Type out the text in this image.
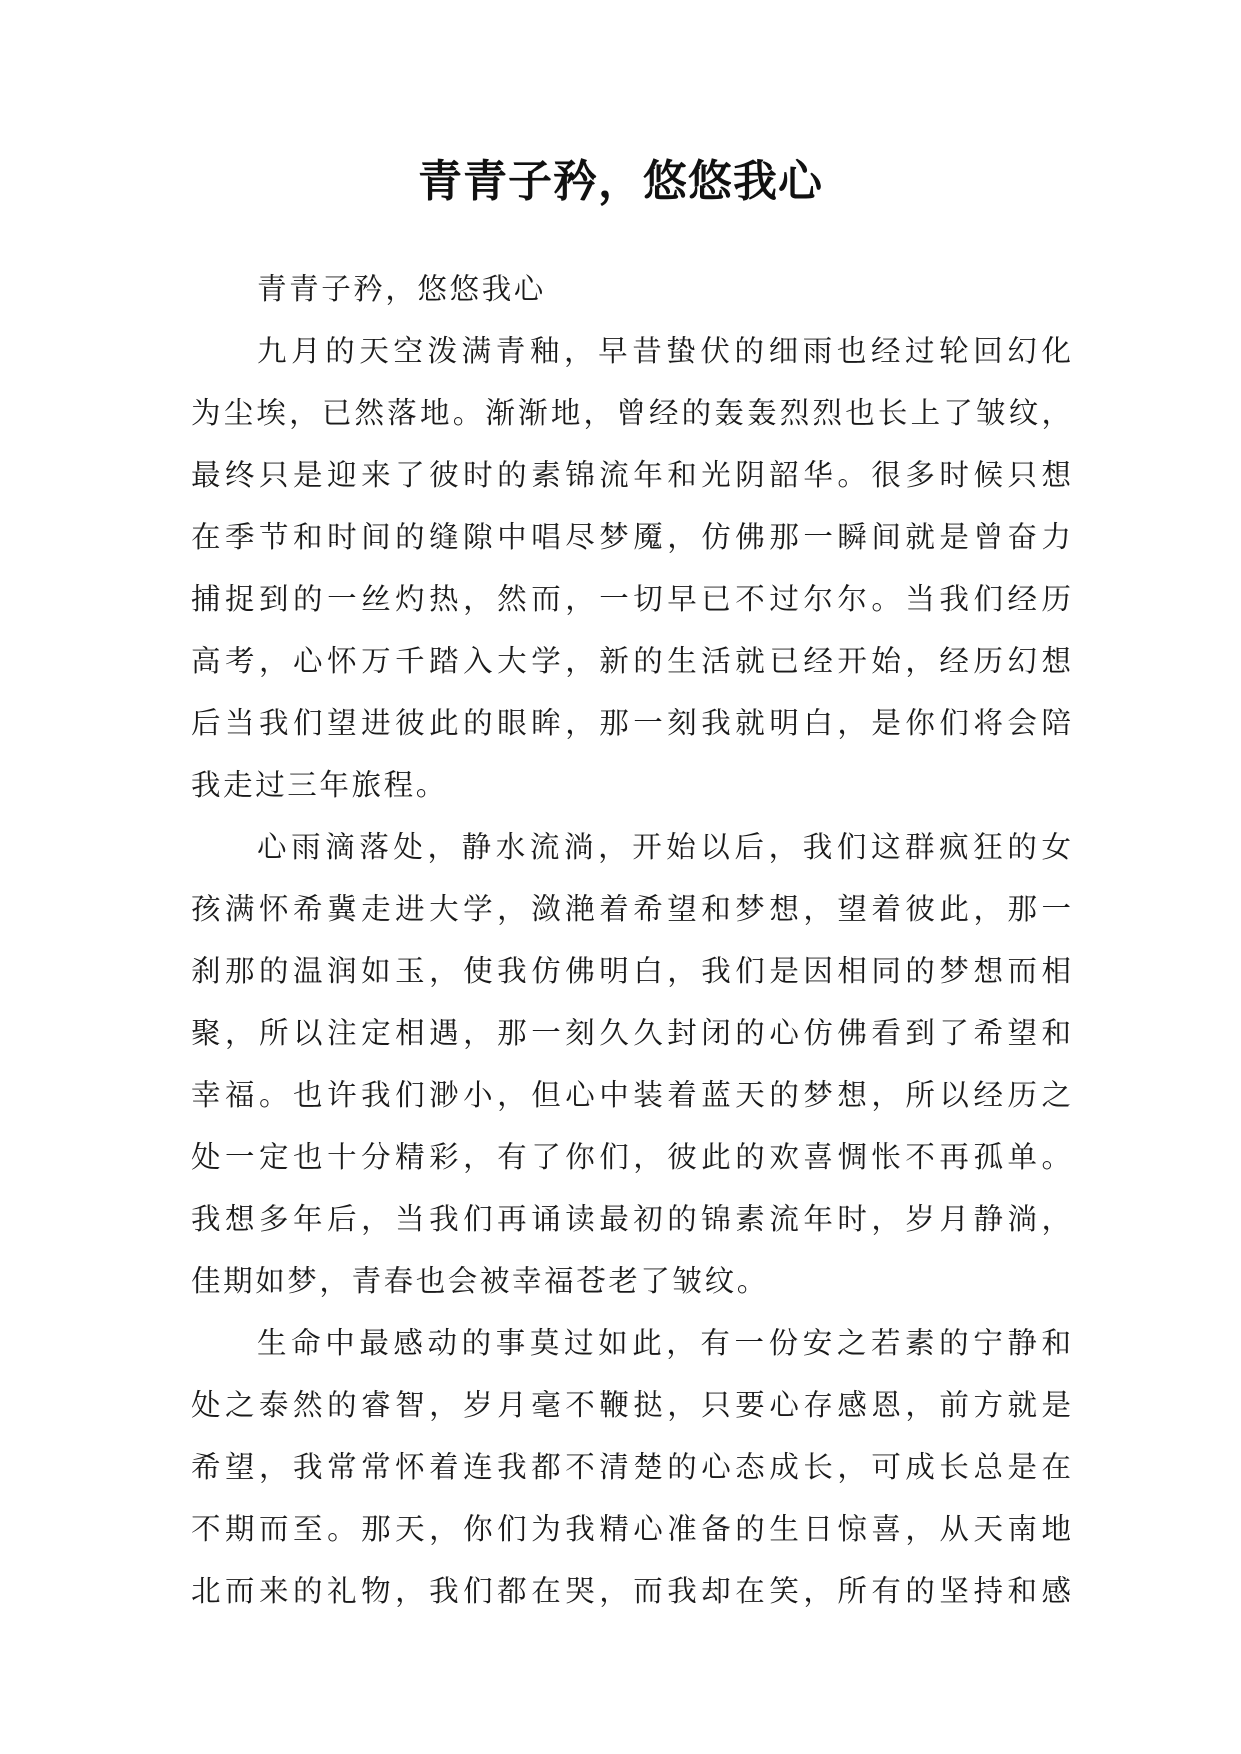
青青子矜，悠悠我心
青青子矜，悠悠我心
九月的天空泼满青釉，早昔蛰伏的细雨也经过轮回幻化
为尘埃，已然落地。渐渐地，曾经的轰轰烈烈也长上了皱纹，
最终只是迎来了彼时的素锦流年和光阴韶华。很多时候只想
在季节和时间的缝隙中唱尽梦魇，仿佛那一瞬间就是曾奋力
捕捉到的一丝灼热，然而，一切早已不过尔尔。当我们经历
高考，心怀万千踏入大学，新的生活就已经开始，经历幻想
后当我们望进彼此的眼眸，那一刻我就明白，是你们将会陪
我走过三年旅程。
心雨滴落处，静水流淌，开始以后，我们这群疯狂的女
孩满怀希冀走进大学，潋滟着希望和梦想，望着彼此，那一
刹那的温润如玉，使我仿佛明白，我们是因相同的梦想而相
聚，所以注定相遇，那一刻久久封闭的心仿佛看到了希望和
幸福。也许我们渺小，但心中装着蓝天的梦想，所以经历之
处一定也十分精彩，有了你们，彼此的欢喜惆怅不再孤单。
我想多年后，当我们再诵读最初的锦素流年时，岁月静淌，
佳期如梦，青春也会被幸福苍老了皱纹。
生命中最感动的事莫过如此，有一份安之若素的宁静和
处之泰然的睿智，岁月毫不鞭挞，只要心存感恩，前方就是
希望，我常常怀着连我都不清楚的心态成长，可成长总是在
不期而至。那天，你们为我精心准备的生日惊喜，从天南地
北而来的礼物，我们都在哭，而我却在笑，所有的坚持和感
